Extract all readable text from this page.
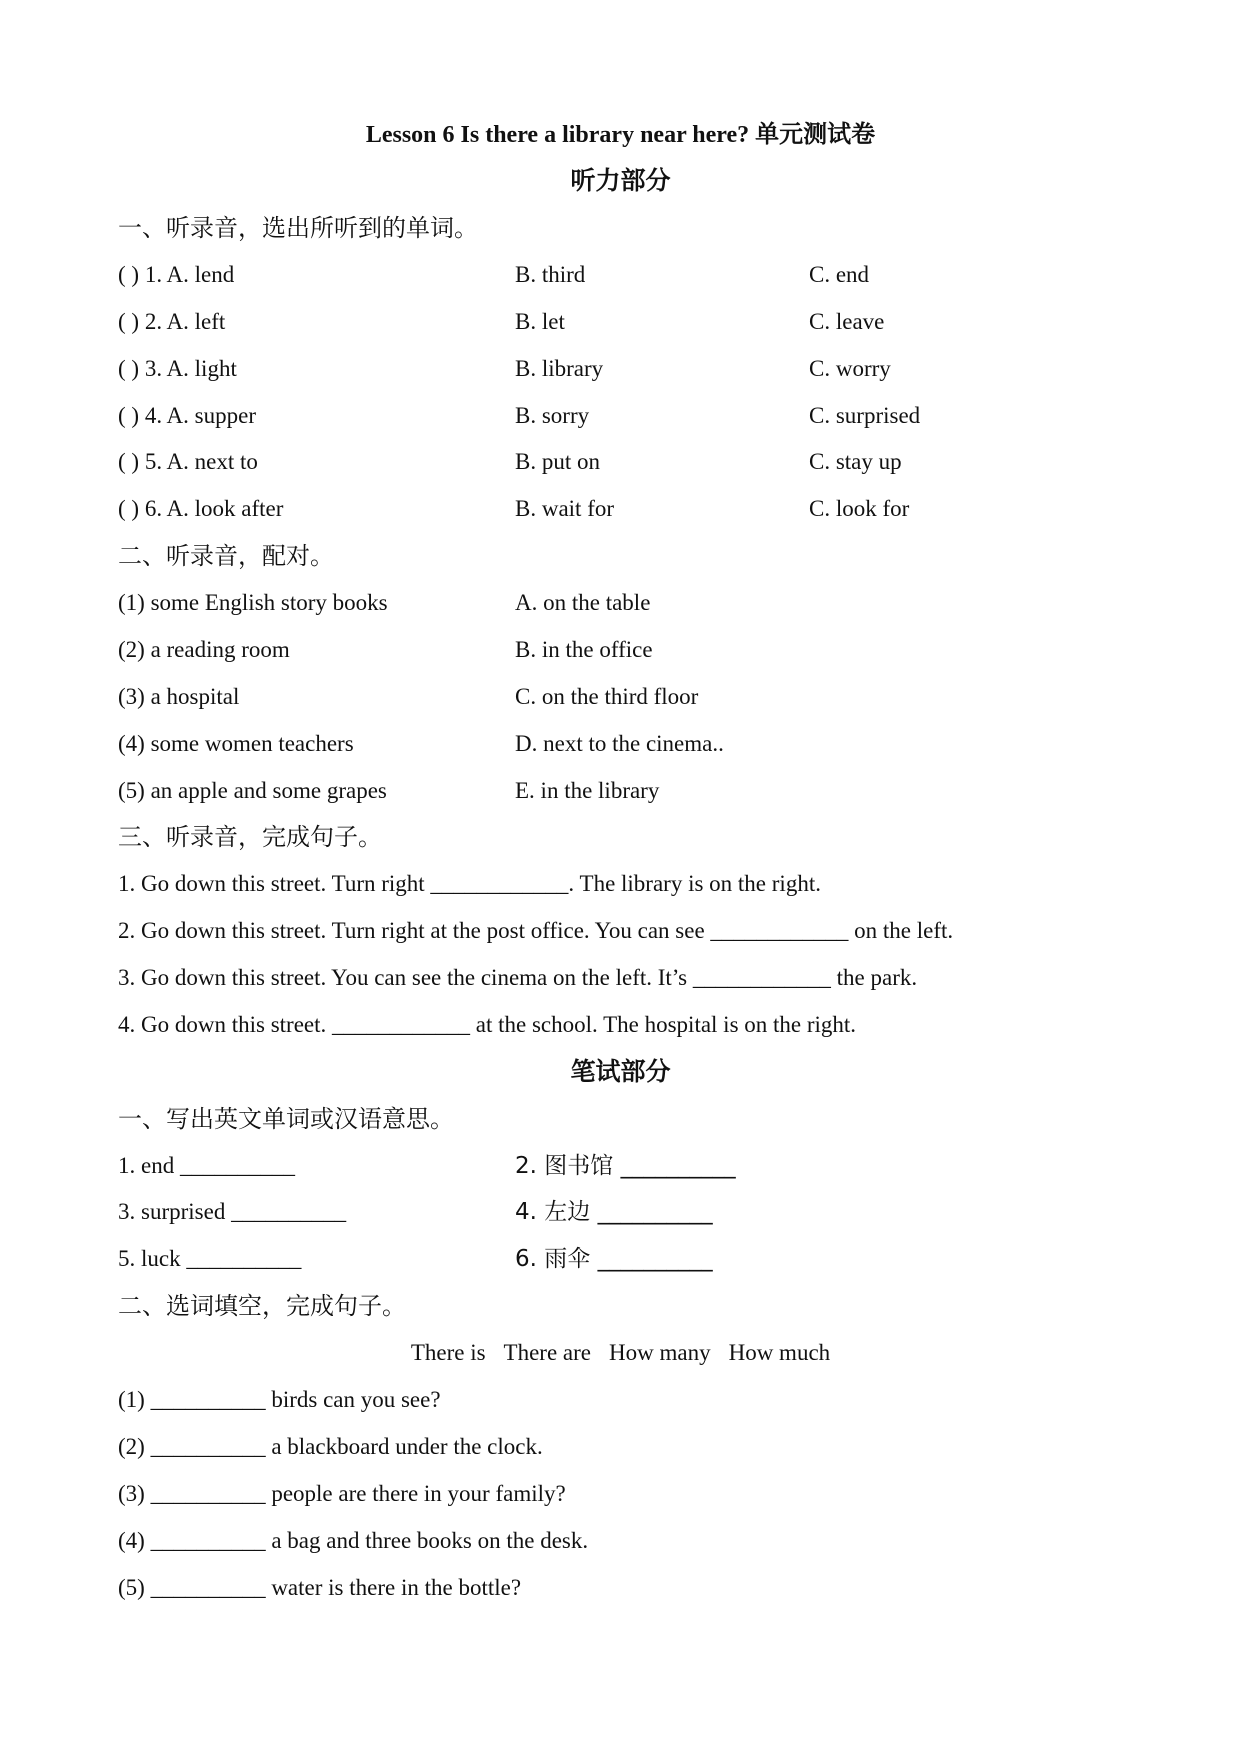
Lesson 6 Is there a library near here? 单元测试卷
听力部分
一、听录音，选出所听到的单词。
( ) 1. A. lend	B. third	C. end
( ) 2. A. left	B. let	C. leave
( ) 3. A. light	B. library	C. worry
( ) 4. A. supper	B. sorry	C. surprised
( ) 5. A. next to	B. put on	C. stay up
( ) 6. A. look after	B. wait for	C. look for
二、听录音，配对。
(1) some English story books	A. on the table
(2) a reading room	B. in the office
(3) a hospital	C. on the third floor
(4) some women teachers	D. next to the cinema..
(5) an apple and some grapes	E. in the library
三、听录音，完成句子。
1. Go down this street. Turn right ____________. The library is on the right.
2. Go down this street. Turn right at the post office. You can see ____________ on the left.
3. Go down this street. You can see the cinema on the left. It’s ____________ the park.
4. Go down this street. ____________ at the school. The hospital is on the right.
笔试部分
一、写出英文单词或汉语意思。
1. end __________	2. 图书馆 __________
3. surprised __________	4. 左边 __________
5. luck __________	6. 雨伞 __________
二、选词填空，完成句子。
There is There are How many How much
(1) __________ birds can you see?
(2) __________ a blackboard under the clock.
(3) __________ people are there in your family?
(4) __________ a bag and three books on the desk.
(5) __________ water is there in the bottle?
